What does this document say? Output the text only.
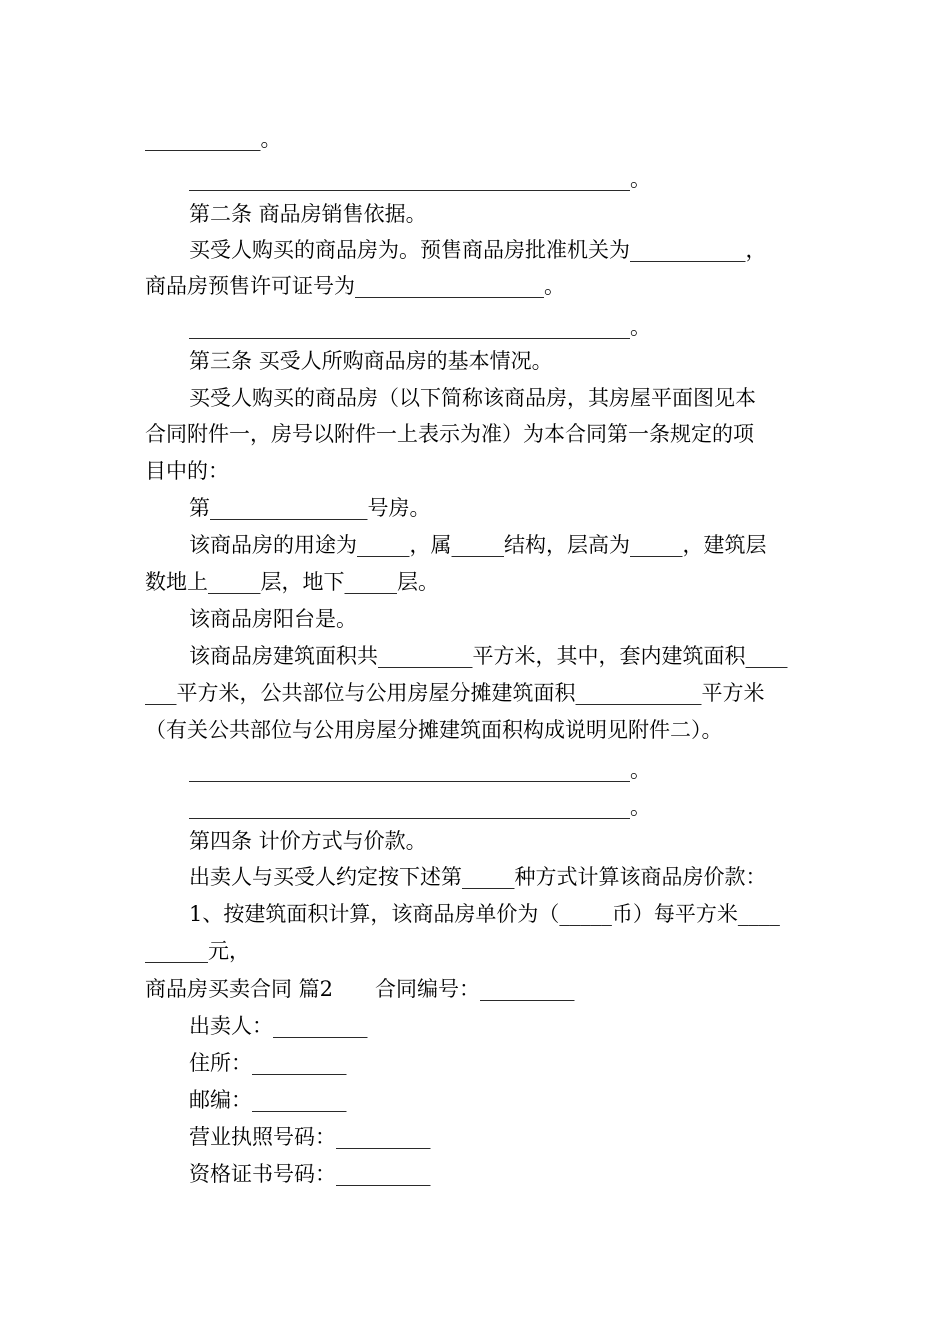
___________。
__________________________________________。
第二条 商品房销售依据。
买受人购买的商品房为。预售商品房批准机关为___________，
商品房预售许可证号为__________________。
__________________________________________。
第三条 买受人所购商品房的基本情况。
买受人购买的商品房（以下简称该商品房，其房屋平面图见本
合同附件一，房号以附件一上表示为准）为本合同第一条规定的项
目中的：
第_______________号房。
该商品房的用途为_____，属_____结构，层高为_____，建筑层
数地上_____层，地下_____层。
该商品房阳台是。
该商品房建筑面积共_________平方米，其中，套内建筑面积____
___平方米，公共部位与公用房屋分摊建筑面积____________平方米
（有关公共部位与公用房屋分摊建筑面积构成说明见附件二）。
__________________________________________。
__________________________________________。
第四条 计价方式与价款。
出卖人与买受人约定按下述第_____种方式计算该商品房价款：
1、按建筑面积计算，该商品房单价为（_____币）每平方米____
______元，
商品房买卖合同 篇2　　合同编号：_________
出卖人：_________
住所：_________
邮编：_________
营业执照号码：_________
资格证书号码：_________
